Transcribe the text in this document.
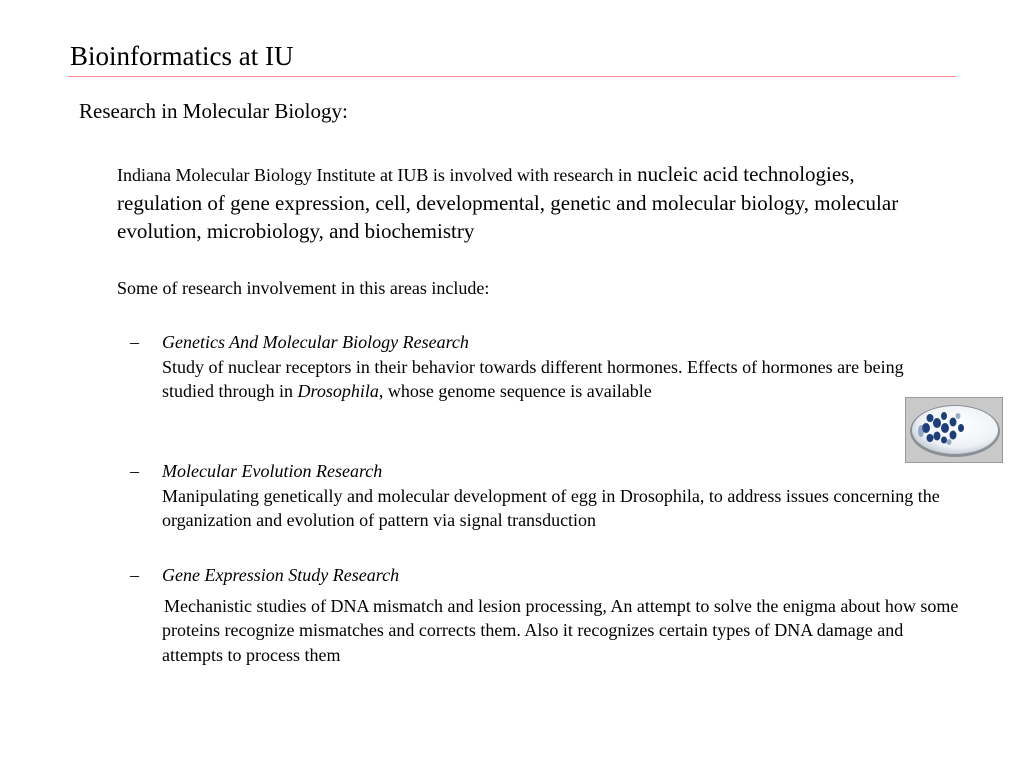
Bioinformatics at IU
Research in Molecular Biology:
Indiana Molecular Biology Institute at IUB is involved with research in nucleic acid technologies, regulation of gene expression, cell, developmental, genetic and molecular biology, molecular evolution, microbiology, and biochemistry
Some of research involvement in this areas include:
– Genetics And Molecular Biology Research
Study of nuclear receptors in their behavior towards different hormones. Effects of hormones are being studied through in Drosophila, whose genome sequence is available
– Molecular Evolution Research
Manipulating genetically and molecular development of egg in Drosophila, to address issues concerning the organization and evolution of pattern via signal transduction
– Gene Expression Study Research
Mechanistic studies of DNA mismatch and lesion processing, An attempt to solve the enigma about how some proteins recognize mismatches and corrects them. Also it recognizes certain types of DNA damage and attempts to process them
